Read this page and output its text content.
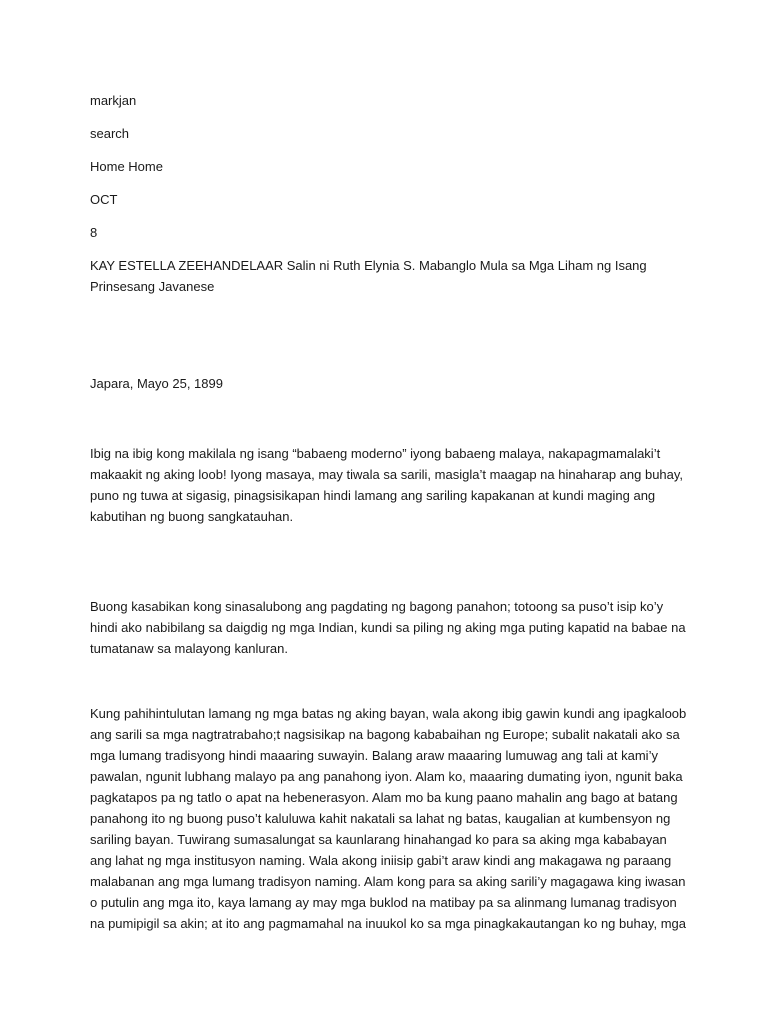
markjan

search

Home Home

OCT

8

KAY ESTELLA ZEEHANDELAAR Salin ni Ruth Elynia S. Mabanglo Mula sa Mga Liham ng Isang Prinsesang Javanese

Japara, Mayo 25, 1899

Ibig na ibig kong makilala ng isang “babaeng moderno” iyong babaeng malaya, nakapagmamalaki’t makaakit ng aking loob! Iyong masaya, may tiwala sa sarili, masigla’t maagap na hinaharap ang buhay, puno ng tuwa at sigasig, pinagsisikapan hindi lamang ang sariling kapakanan at kundi maging ang kabutihan ng buong sangkatauhan.

Buong kasabikan kong sinasalubong ang pagdating ng bagong panahon; totoong sa puso’t isip ko’y hindi ako nabibilang sa daigdig ng mga Indian, kundi sa piling ng aking mga puting kapatid na babae na tumatanaw sa malayong kanluran.

Kung pahihintulutan lamang ng mga batas ng aking bayan, wala akong ibig gawin kundi ang ipagkaloob ang sarili sa mga nagtratrabaho;t nagsisikap na bagong kababaihan ng Europe; subalit nakatali ako sa mga lumang tradisyong hindi maaaring suwayin. Balang araw maaaring lumuwag ang tali at kami’y pawalan, ngunit lubhang malayo pa ang panahong iyon. Alam ko, maaaring dumating iyon, ngunit baka pagkatapos pa ng tatlo o apat na hebenerasyon. Alam mo ba kung paano mahalin ang bago at batang panahong ito ng buong puso’t kaluluwa kahit nakatali sa lahat ng batas, kaugalian at kumbensyon ng sariling bayan. Tuwirang sumasalungat sa kaunlarang hinahangad ko para sa aking mga kababayan ang lahat ng mga institusyon naming. Wala akong iniisip gabi’t araw kindi ang makagawa ng paraang malabanan ang mga lumang tradisyon naming. Alam kong para sa aking sarili’y magagawa king iwasan o putulin ang mga ito, kaya lamang ay may mga buklod na matibay pa sa alinmang lumanag tradisyon na pumipigil sa akin; at ito ang pagmamahal na inuukol ko sa mga pinagkakautangan ko ng buhay, mga
